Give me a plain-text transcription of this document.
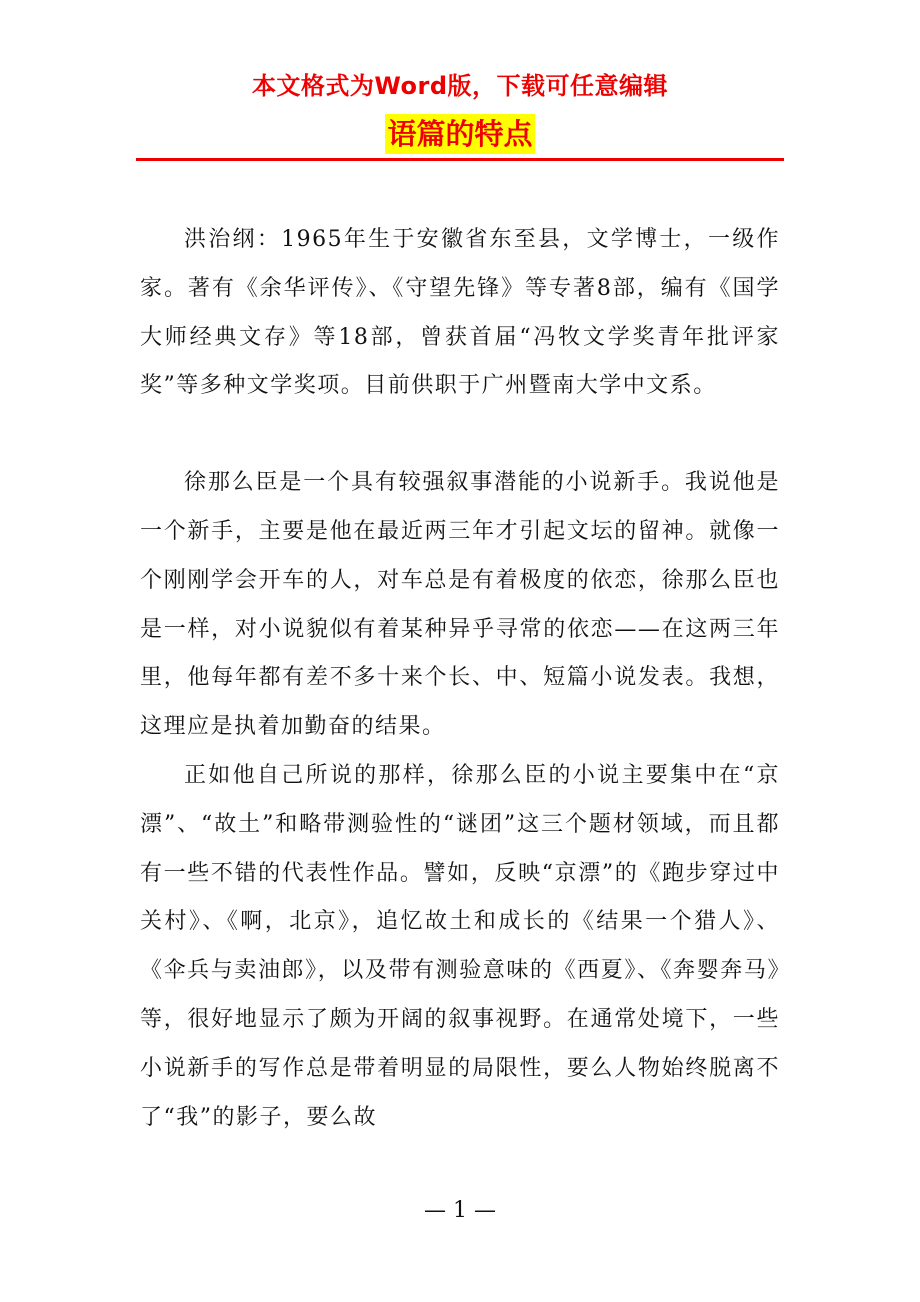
本文格式为Word版，下载可任意编辑
语篇的特点

洪治纲：1965年生于安徽省东至县，文学博士，一级作家。著有《余华评传》、《守望先锋》等专著8部，编有《国学大师经典文存》等18部，曾获首届“冯牧文学奖青年批评家奖”等多种文学奖项。目前供职于广州暨南大学中文系。

徐那么臣是一个具有较强叙事潜能的小说新手。我说他是一个新手，主要是他在最近两三年才引起文坛的留神。就像一个刚刚学会开车的人，对车总是有着极度的依恋，徐那么臣也是一样，对小说貌似有着某种异乎寻常的依恋——在这两三年里，他每年都有差不多十来个长、中、短篇小说发表。我想，这理应是执着加勤奋的结果。

正如他自己所说的那样，徐那么臣的小说主要集中在“京漂”、“故土”和略带测验性的“谜团”这三个题材领域，而且都有一些不错的代表性作品。譬如，反映“京漂”的《跑步穿过中关村》、《啊，北京》，追忆故土和成长的《结果一个猎人》、《伞兵与卖油郎》，以及带有测验意味的《西夏》、《奔婴奔马》等，很好地显示了颇为开阔的叙事视野。在通常处境下，一些小说新手的写作总是带着明显的局限性，要么人物始终脱离不了“我”的影子，要么故

— 1 —
